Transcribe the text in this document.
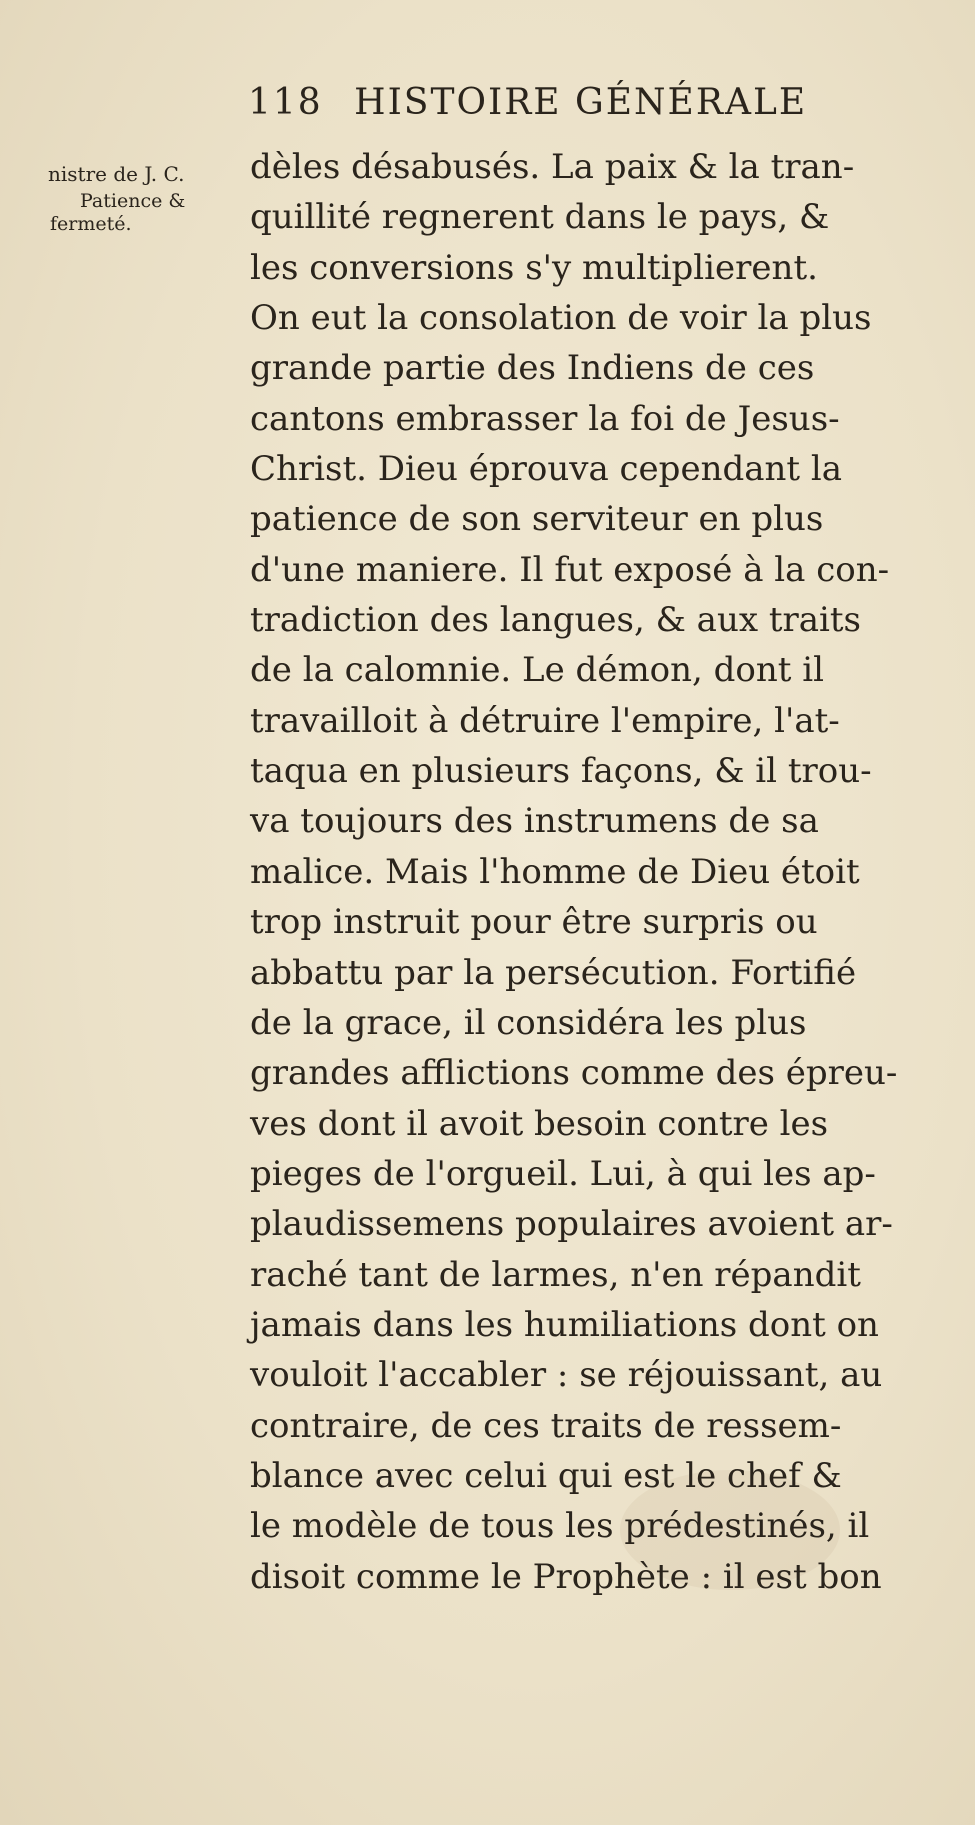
118 HISTOIRE GÉNÉRALE
nistre de J. C.
Patience &
fermeté.
dèles désabusés. La paix & la tran-
quillité regnerent dans le pays, &
les conversions s'y multiplierent.
On eut la consolation de voir la plus
grande partie des Indiens de ces
cantons embrasser la foi de Jesus-
Christ. Dieu éprouva cependant la
patience de son serviteur en plus
d'une maniere. Il fut exposé à la con-
tradiction des langues, & aux traits
de la calomnie. Le démon, dont il
travailloit à détruire l'empire, l'at-
taqua en plusieurs façons, & il trou-
va toujours des instrumens de sa
malice. Mais l'homme de Dieu étoit
trop instruit pour être surpris ou
abbattu par la persécution. Fortifié
de la grace, il considéra les plus
grandes afflictions comme des épreu-
ves dont il avoit besoin contre les
pieges de l'orgueil. Lui, à qui les ap-
plaudissemens populaires avoient ar-
raché tant de larmes, n'en répandit
jamais dans les humiliations dont on
vouloit l'accabler : se réjouissant, au
contraire, de ces traits de ressem-
blance avec celui qui est le chef &
le modèle de tous les prédestinés, il
disoit comme le Prophète : il est bon
